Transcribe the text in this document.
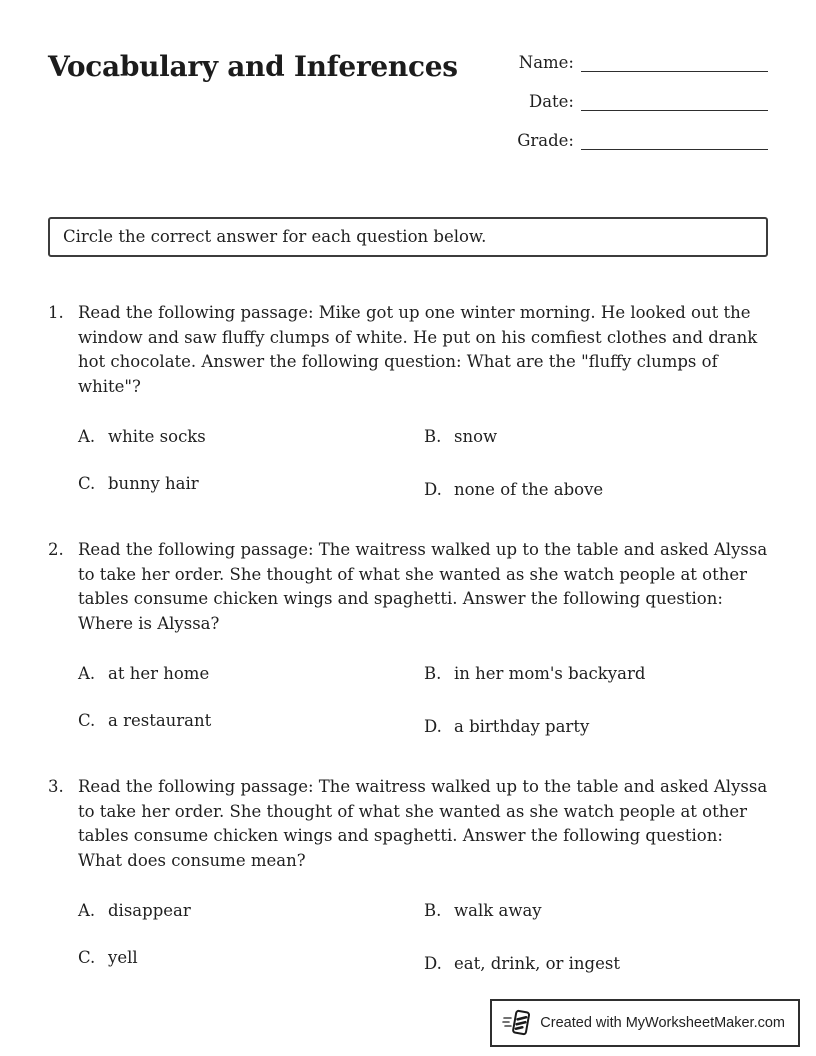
Vocabulary and Inferences	Name:
Date:
Grade:
Circle the correct answer for each question below.
1. Read the following passage: Mike got up one winter morning. He looked out the window and saw fluffy clumps of white. He put on his comfiest clothes and drank hot chocolate. Answer the following question: What are the "fluffy clumps of white"?
A. white socks	B. snow
C. bunny hair	D. none of the above
2. Read the following passage: The waitress walked up to the table and asked Alyssa to take her order. She thought of what she wanted as she watch people at other tables consume chicken wings and spaghetti. Answer the following question: Where is Alyssa?
A. at her home	B. in her mom's backyard
C. a restaurant	D. a birthday party
3. Read the following passage: The waitress walked up to the table and asked Alyssa to take her order. She thought of what she wanted as she watch people at other tables consume chicken wings and spaghetti. Answer the following question: What does consume mean?
A. disappear	B. walk away
C. yell	D. eat, drink, or ingest
Created with MyWorksheetMaker.com
